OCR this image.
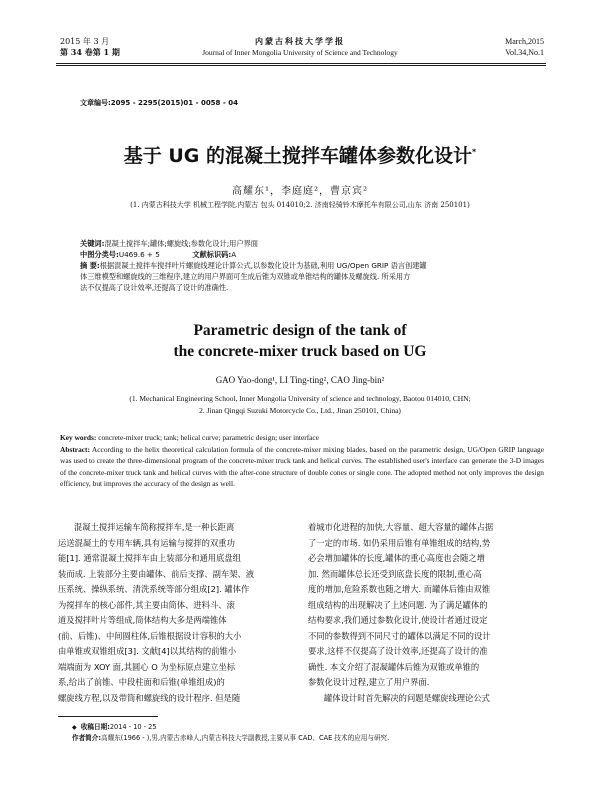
2015 年 3 月
第 34 卷第 1 期
内蒙古科技大学学报
Journal of Inner Mongolia University of Science and Technology
March,2015
Vol.34,No.1
文章编号:2095 - 2295(2015)01 - 0058 - 04
基于 UG 的混凝土搅拌车罐体参数化设计*
高耀东¹，李庭庭²，曹京宾²
(1. 内蒙古科技大学 机械工程学院,内蒙古 包头 014010;2. 济南轻骑铃木摩托车有限公司,山东 济南 250101)
关键词:混凝土搅拌车;罐体;螺旋线;参数化设计;用户界面
中图分类号:U469.6 + 5	文献标识码:A
摘 要:根据混凝土搅拌车搅拌叶片螺旋线理论计算公式,以参数化设计为基础,利用 UG/Open GRIP 语言创建罐
体三维模型和螺旋线的三维程序,建立的用户界面可生成后锥为双锥或单锥结构的罐体及螺旋线. 所采用方
法不仅提高了设计效率,还提高了设计的准确性.
Parametric design of the tank of
the concrete-mixer truck based on UG
GAO Yao-dong¹, LI Ting-ting², CAO Jing-bin²
(1. Mechanical Engineering School, Inner Mongolia University of science and technology, Baotou 014010, CHN;
2. Jinan Qingqi Suzuki Motorcycle Co., Ltd., Jinan 250101, China)
Key words: concrete-mixer truck; tank; helical curve; parametric design; user interface
Abstract: According to the helix theoretical calculation formula of the concrete-mixer mixing blades, based on the parametric design, UG/Open GRIP language was used to create the three-dimensional program of the concrete-mixer truck tank and helical curves. The established user's interface can generate the 3-D images of the concrete-mixer truck tank and helical curves with the after-cone structure of double cones or single cone. The adopted method not only improves the design efficiency, but improves the accuracy of the design as well.
混凝土搅拌运输车简称搅拌车,是一种长距离
运送混凝土的专用车辆,具有运输与搅拌的双重功
能[1]. 通常混凝土搅拌车由上装部分和通用底盘组
装而成. 上装部分主要由罐体、前后支撑、副车架、液
压系统、操纵系统、清洗系统等部分组成[2]. 罐体作
为搅拌车的核心部件,其主要由筒体、进料斗、滚
道及搅拌叶片等组成,筒体结构大多是两端锥体
(前、后锥)、中间圆柱体,后锥根据设计容积的大小
由单锥或双锥组成[3]. 文献[4]以其结构的前锥小
端端面为 XOY 面,其圆心 O 为坐标原点建立坐标
系,给出了前锥、中段柱面和后锥(单锥组成)的
螺旋线方程,以及带筒和螺旋线的设计程序. 但是随
着城市化进程的加快,大容量、超大容量的罐体占据
了一定的市场. 如仍采用后锥有单锥组成的结构,势
必会增加罐体的长度,罐体的重心高度也会随之增
加. 然而罐体总长还受到底盘长度的限制,重心高
度的增加,危险系数也随之增大. 而罐体后锥由双锥
组成结构的出现解决了上述问题. 为了满足罐体的
结构要求,我们通过参数化设计,使设计者通过设定
不同的参数得到不同尺寸的罐体以满足不同的设计
要求,这样不仅提高了设计效率,还提高了设计的准
确性. 本文介绍了混凝罐体后锥为双锥或单锥的
参数化设计过程,建立了用户界面.
罐体设计时首先解决的问题是螺旋线理论公式
◆ 收稿日期:2014 - 10 - 25
作者简介:高耀东(1966 - ),男,内蒙古赤峰人,内蒙古科技大学副教授,主要从事 CAD、CAE 技术的应用与研究.
